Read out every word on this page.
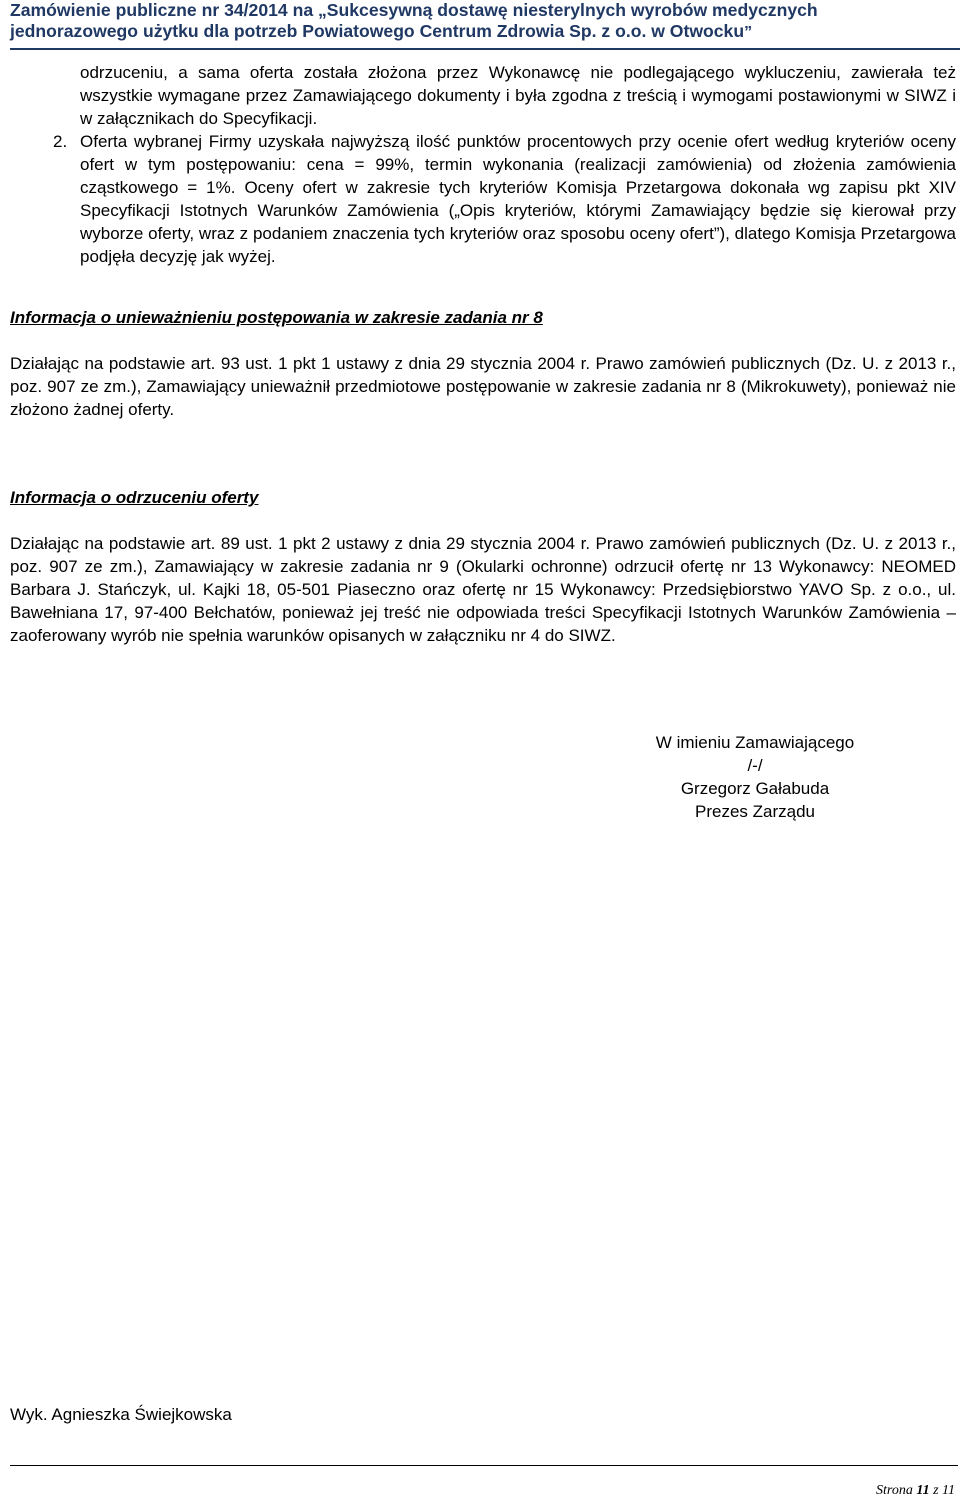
Zamówienie publiczne nr 34/2014 na „Sukcesywną dostawę niesterylnych wyrobów medycznych
jednorazowego użytku dla potrzeb Powiatowego Centrum Zdrowia Sp. z o.o. w Otwocku”

odrzuceniu, a sama oferta została złożona przez Wykonawcę nie podlegającego wykluczeniu, zawierała też wszystkie wymagane przez Zamawiającego dokumenty i była zgodna z treścią i wymogami postawionymi w SIWZ i w załącznikach do Specyfikacji.

2. Oferta wybranej Firmy uzyskała najwyższą ilość punktów procentowych przy ocenie ofert według kryteriów oceny ofert w tym postępowaniu: cena = 99%, termin wykonania (realizacji zamówienia) od złożenia zamówienia cząstkowego = 1%. Oceny ofert w zakresie tych kryteriów Komisja Przetargowa dokonała wg zapisu pkt XIV Specyfikacji Istotnych Warunków Zamówienia („Opis kryteriów, którymi Zamawiający będzie się kierował przy wyborze oferty, wraz z podaniem znaczenia tych kryteriów oraz sposobu oceny ofert”), dlatego Komisja Przetargowa podjęła decyzję jak wyżej.

Informacja o unieważnieniu postępowania w zakresie zadania nr 8

Działając na podstawie art. 93 ust. 1 pkt 1 ustawy z dnia 29 stycznia 2004 r. Prawo zamówień publicznych (Dz. U. z 2013 r., poz. 907 ze zm.), Zamawiający unieważnił przedmiotowe postępowanie w zakresie zadania nr 8 (Mikrokuwety), ponieważ nie złożono żadnej oferty.

Informacja o odrzuceniu oferty

Działając na podstawie art. 89 ust. 1 pkt 2 ustawy z dnia 29 stycznia 2004 r. Prawo zamówień publicznych (Dz. U. z 2013 r., poz. 907 ze zm.), Zamawiający w zakresie zadania nr 9 (Okularki ochronne) odrzucił ofertę nr 13 Wykonawcy: NEOMED Barbara J. Stańczyk, ul. Kajki 18, 05-501 Piaseczno oraz ofertę nr 15 Wykonawcy: Przedsiębiorstwo YAVO Sp. z o.o., ul. Bawełniana 17, 97-400 Bełchatów, ponieważ jej treść nie odpowiada treści Specyfikacji Istotnych Warunków Zamówienia – zaoferowany wyrób nie spełnia warunków opisanych w załączniku nr 4 do SIWZ.

W imieniu Zamawiającego
/-/
Grzegorz Gałabuda
Prezes Zarządu
Wyk. Agnieszka Świejkowska
Strona 11 z 11
